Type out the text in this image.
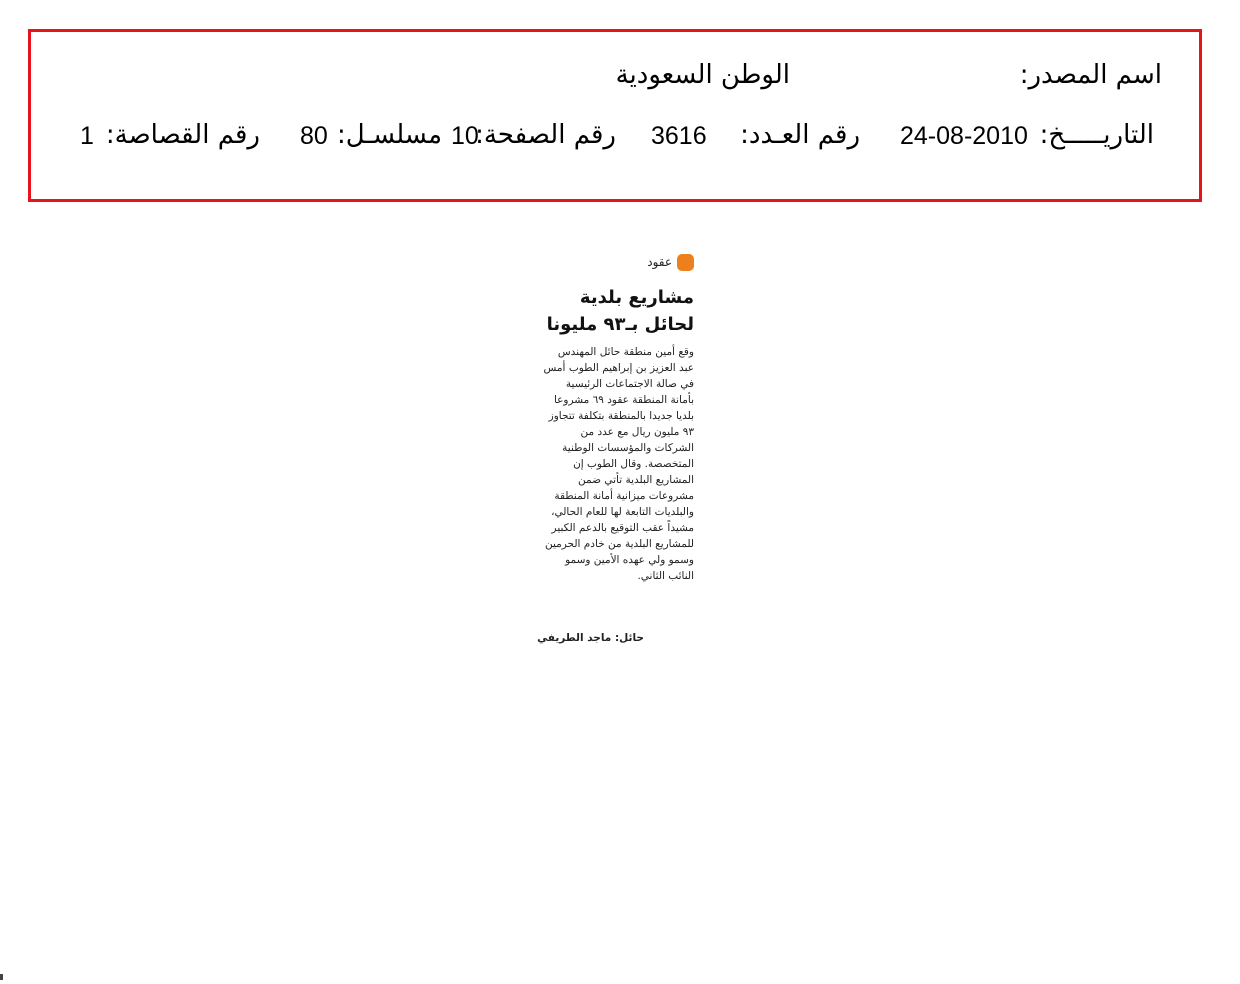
اسم المصدر:
الوطن السعودية
التاريـــــخ:
24-08-2010
رقم العـدد:
3616
رقم الصفحة:
10
مسلسـل:
80
رقم القصاصة:
1
عقود
مشاريع بلدية لحائل بـ٩٣ مليونا

وقع أمين منطقة حائل المهندس عبد العزيز بن إبراهيم الطوب أمس في صالة الاجتماعات الرئيسية بأمانة المنطقة عقود ٦٩ مشروعا بلديا جديدا بالمنطقة بتكلفة تتجاوز ٩٣ مليون ريال مع عدد من الشركات والمؤسسات الوطنية المتخصصة. وقال الطوب إن المشاريع البلدية تأتي ضمن مشروعات ميزانية أمانة المنطقة والبلديات التابعة لها للعام الحالي، مشيداً عقب التوقيع بالدعم الكبير للمشاريع البلدية من خادم الحرمين وسمو ولي عهده الأمين وسمو النائب الثاني.

حائل: ماجد الطريفي
